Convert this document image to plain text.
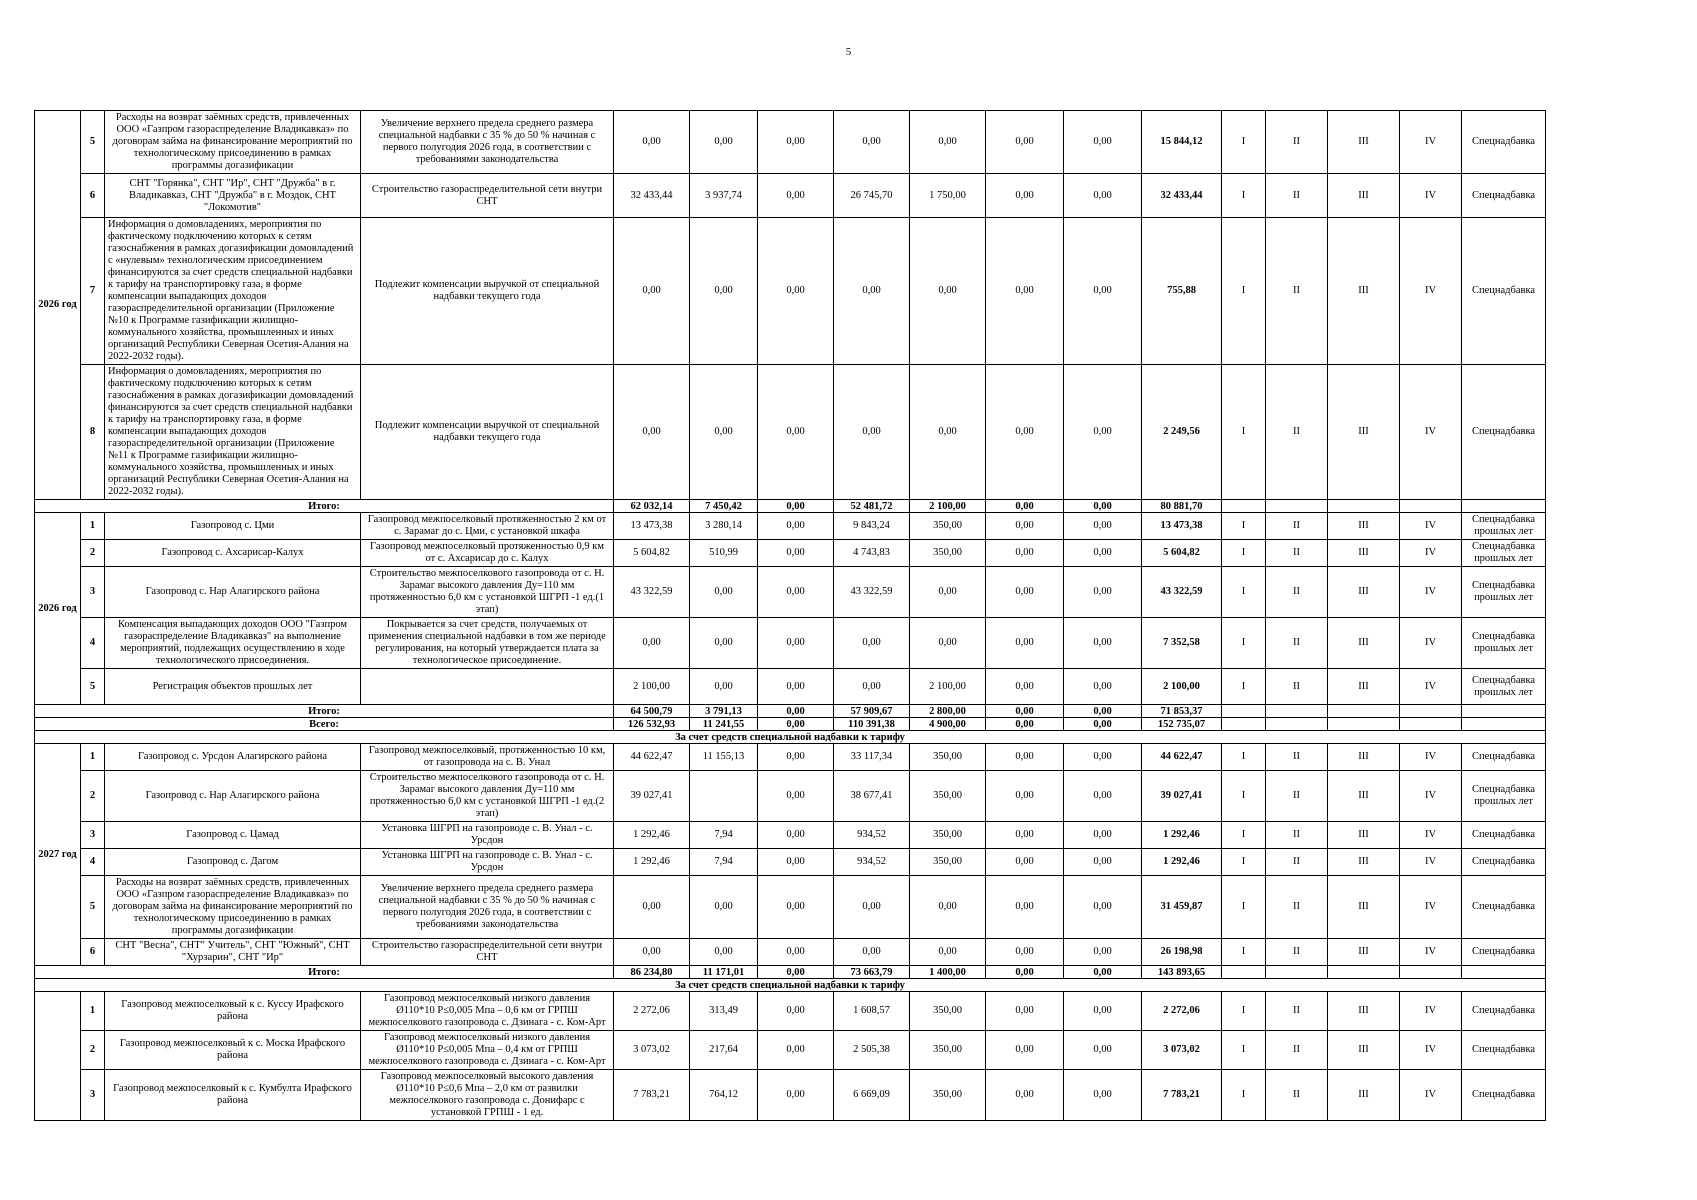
5
2026 год	5	Расходы на возврат заёмных средств, привлеченных ООО «Газпром газораспределение Владикавказ» по договорам займа на финансирование мероприятий по технологическому присоединению в рамках программы догазификации	Увеличение верхнего предела среднего размера специальной надбавки с 35 % до 50 % начиная с первого полугодия 2026 года, в соответствии с требованиями законодательства	0,00	0,00	0,00	0,00	0,00	0,00	0,00	15 844,12	I	II	III	IV	Спецнадбавка
	6	СНТ "Горянка", СНТ "Ир", СНТ "Дружба" в г. Владикавказ, СНТ "Дружба" в г. Моздок, СНТ "Локомотив"	Строительство газораспределительной сети внутри СНТ	32 433,44	3 937,74	0,00	26 745,70	1 750,00	0,00	0,00	32 433,44	I	II	III	IV	Спецнадбавка
	7	Информация о домовладениях, мероприятия по фактическому подключению которых к сетям газоснабжения в рамках догазификации домовладений с «нулевым» технологическим присоединением финансируются за счет средств специальной надбавки к тарифу на транспортировку газа, в форме компенсации выпадающих доходов газораспределительной организации (Приложение №10 к Программе газификации жилищно-коммунального хозяйства, промышленных и иных организаций Республики Северная Осетия-Алания на 2022-2032 годы).	Подлежит компенсации выручкой от специальной надбавки текущего года	0,00	0,00	0,00	0,00	0,00	0,00	0,00	755,88	I	II	III	IV	Спецнадбавка
	8	Информация о домовладениях, мероприятия по фактическому подключению которых к сетям газоснабжения в рамках догазификации домовладений финансируются за счет средств специальной надбавки к тарифу на транспортировку газа, в форме компенсации выпадающих доходов газораспределительной организации (Приложение №11 к Программе газификации жилищно-коммунального хозяйства, промышленных и иных организаций Республики Северная Осетия-Алания на 2022-2032 годы).	Подлежит компенсации выручкой от специальной надбавки текущего года	0,00	0,00	0,00	0,00	0,00	0,00	0,00	2 249,56	I	II	III	IV	Спецнадбавка
Итого:				62 032,14	7 450,42	0,00	52 481,72	2 100,00	0,00	0,00	80 881,70					
2026 год	1	Газопровод с. Цми	Газопровод межпоселковый протяженностью 2 км от с. Зарамаг до с. Цми, с установкой шкафа	13 473,38	3 280,14	0,00	9 843,24	350,00	0,00	0,00	13 473,38	I	II	III	IV	Спецнадбавка прошлых лет
	2	Газопровод с. Ахсарисар-Калух	Газопровод межпоселковый протяженностью 0,9 км от с. Ахсарисар до с. Калух	5 604,82	510,99	0,00	4 743,83	350,00	0,00	0,00	5 604,82	I	II	III	IV	Спецнадбавка прошлых лет
	3	Газопровод с. Нар Алагирского района	Строительство межпоселкового газопровода от с. Н. Зарамаг высокого давления Ду=110 мм протяженностью 6,0 км с установкой ШГРП -1 ед.(1 этап)	43 322,59	0,00	0,00	43 322,59	0,00	0,00	0,00	43 322,59	I	II	III	IV	Спецнадбавка прошлых лет
	4	Компенсация выпадающих доходов ООО "Газпром газораспределение Владикавказ" на выполнение мероприятий, подлежащих осуществлению в ходе технологического присоединения.	Покрывается за счет средств, получаемых от применения специальной надбавки в том же периоде регулирования, на который утверждается плата за технологическое присоединение.	0,00	0,00	0,00	0,00	0,00	0,00	0,00	7 352,58	I	II	III	IV	Спецнадбавка прошлых лет
	5	Регистрация объектов прошлых лет		2 100,00	0,00	0,00	0,00	2 100,00	0,00	0,00	2 100,00	I	II	III	IV	Спецнадбавка прошлых лет
Итого:				64 500,79	3 791,13	0,00	57 909,67	2 800,00	0,00	0,00	71 853,37					
Всего:				126 532,93	11 241,55	0,00	110 391,38	4 900,00	0,00	0,00	152 735,07					
За счет средств специальной надбавки к тарифу																
2027 год	1	Газопровод с. Урсдон Алагирского района	Газопровод межпоселковый, протяженностью 10 км, от газопровода на с. В. Унал	44 622,47	11 155,13	0,00	33 117,34	350,00	0,00	0,00	44 622,47	I	II	III	IV	Спецнадбавка
	2	Газопровод с. Нар Алагирского района	Строительство межпоселкового газопровода от с. Н. Зарамаг высокого давления Ду=110 мм протяженностью 6,0 км с установкой ШГРП -1 ед.(2 этап)	39 027,41		0,00	38 677,41	350,00	0,00	0,00	39 027,41	I	II	III	IV	Спецнадбавка прошлых лет
	3	Газопровод с. Цамад	Установка ШГРП на газопроводе с. В. Унал - с. Урсдон	1 292,46	7,94	0,00	934,52	350,00	0,00	0,00	1 292,46	I	II	III	IV	Спецнадбавка
	4	Газопровод с. Дагом	Установка ШГРП на газопроводе с. В. Унал - с. Урсдон	1 292,46	7,94	0,00	934,52	350,00	0,00	0,00	1 292,46	I	II	III	IV	Спецнадбавка
	5	Расходы на возврат заёмных средств, привлеченных ООО «Газпром газораспределение Владикавказ» по договорам займа на финансирование мероприятий по технологическому присоединению в рамках программы догазификации	Увеличение верхнего предела среднего размера специальной надбавки с 35 % до 50 % начиная с первого полугодия 2026 года, в соответствии с требованиями законодательства	0,00	0,00	0,00	0,00	0,00	0,00	0,00	31 459,87	I	II	III	IV	Спецнадбавка
	6	СНТ "Весна", СНТ" Учитель", СНТ "Южный", СНТ "Хурзарин", СНТ "Ир"	Строительство газораспределительной сети внутри СНТ	0,00	0,00	0,00	0,00	0,00	0,00	0,00	26 198,98	I	II	III	IV	Спецнадбавка
Итого:				86 234,80	11 171,01	0,00	73 663,79	1 400,00	0,00	0,00	143 893,65					
За счет средств специальной надбавки к тарифу																
	1	Газопровод межпоселковый к с. Куссу Ирафского района	Газопровод межпоселковый низкого давления Ø110*10 Р≤0,005 Мпа – 0,6 км от ГРПШ межпоселкового газопровода с. Дзинага - с. Ком-Арт	2 272,06	313,49	0,00	1 608,57	350,00	0,00	0,00	2 272,06	I	II	III	IV	Спецнадбавка
	2	Газопровод межпоселковый к с. Моска Ирафского района	Газопровод межпоселковый низкого давления Ø110*10 Р≤0,005 Мпа – 0,4 км от ГРПШ межпоселкового газопровода с. Дзинага - с. Ком-Арт	3 073,02	217,64	0,00	2 505,38	350,00	0,00	0,00	3 073,02	I	II	III	IV	Спецнадбавка
	3	Газопровод межпоселковый к с. Кумбулта Ирафского района	Газопровод межпоселковый высокого давления Ø110*10 Р≤0,6 Мпа – 2,0 км от развилки межпоселкового газопровода с. Донифарс с установкой ГРПШ - 1 ед.	7 783,21	764,12	0,00	6 669,09	350,00	0,00	0,00	7 783,21	I	II	III	IV	Спецнадбавка
